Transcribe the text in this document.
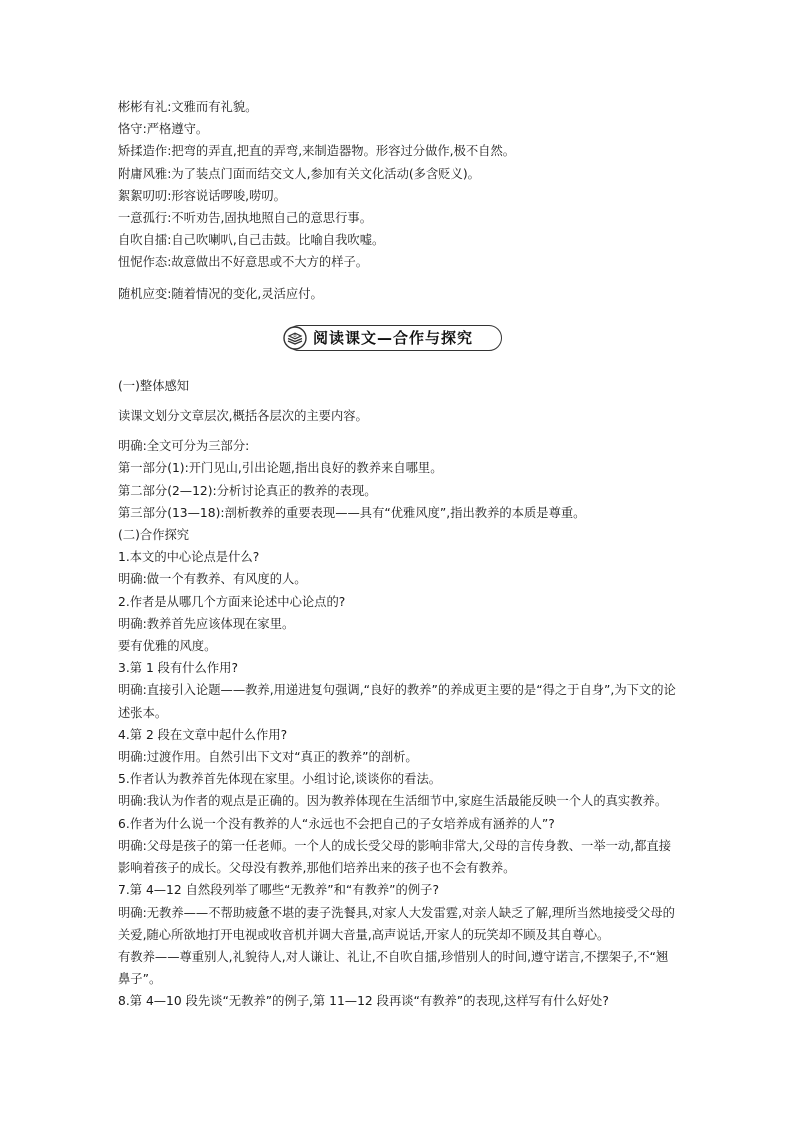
彬彬有礼:文雅而有礼貌。
恪守:严格遵守。
矫揉造作:把弯的弄直,把直的弄弯,来制造器物。形容过分做作,极不自然。
附庸风雅:为了装点门面而结交文人,参加有关文化活动(多含贬义)。
絮絮叨叨:形容说话啰唆,唠叨。
一意孤行:不听劝告,固执地照自己的意思行事。
自吹自擂:自己吹喇叭,自己击鼓。比喻自我吹嘘。
忸怩作态:故意做出不好意思或不大方的样子。
随机应变:随着情况的变化,灵活应付。
8 阅读课文—合作与探究
(一)整体感知
读课文划分文章层次,概括各层次的主要内容。
明确:全文可分为三部分:
第一部分(1):开门见山,引出论题,指出良好的教养来自哪里。
第二部分(2—12):分析讨论真正的教养的表现。
第三部分(13—18):剖析教养的重要表现——具有“优雅风度”,指出教养的本质是尊重。
(二)合作探究
1.本文的中心论点是什么?
明确:做一个有教养、有风度的人。
2.作者是从哪几个方面来论述中心论点的?
明确:教养首先应该体现在家里。
要有优雅的风度。
3.第 1 段有什么作用?
明确:直接引入论题——教养,用递进复句强调,“良好的教养”的养成更主要的是“得之于自身”,为下文的论述张本。
4.第 2 段在文章中起什么作用?
明确:过渡作用。自然引出下文对“真正的教养”的剖析。
5.作者认为教养首先体现在家里。小组讨论,谈谈你的看法。
明确:我认为作者的观点是正确的。因为教养体现在生活细节中,家庭生活最能反映一个人的真实教养。
6.作者为什么说一个没有教养的人“永远也不会把自己的子女培养成有涵养的人”?
明确:父母是孩子的第一任老师。一个人的成长受父母的影响非常大,父母的言传身教、一举一动,都直接影响着孩子的成长。父母没有教养,那他们培养出来的孩子也不会有教养。
7.第 4—12 自然段列举了哪些“无教养”和“有教养”的例子?
明确:无教养——不帮助疲惫不堪的妻子洗餐具,对家人大发雷霆,对亲人缺乏了解,理所当然地接受父母的关爱,随心所欲地打开电视或收音机并调大音量,高声说话,开家人的玩笑却不顾及其自尊心。
有教养——尊重别人,礼貌待人,对人谦让、礼让,不自吹自擂,珍惜别人的时间,遵守诺言,不摆架子,不“翘鼻子”。
8.第 4—10 段先谈“无教养”的例子,第 11—12 段再谈“有教养”的表现,这样写有什么好处?
